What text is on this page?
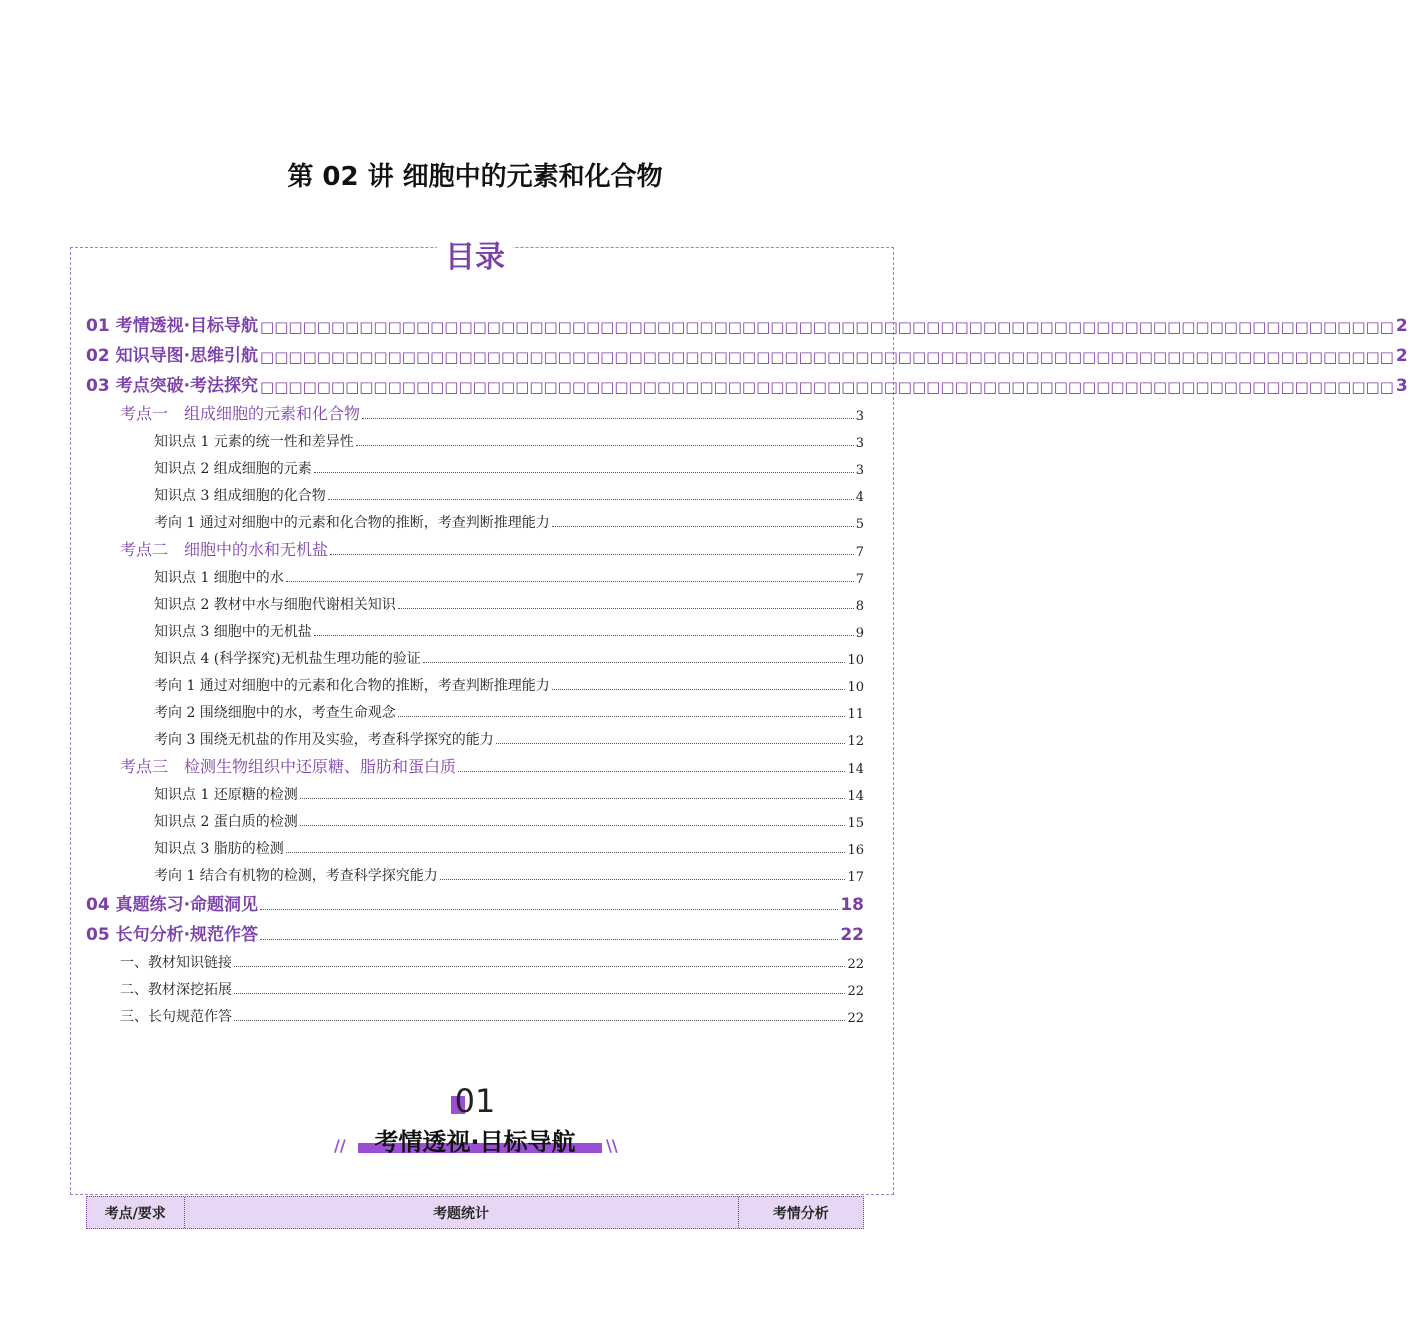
第 02 讲 细胞中的元素和化合物
目录
01 考情透视·目标导航 □□□□□□□□□□□□□□□□□□□□□□□□□□□□□□□□□□□□□□□□□□□□□□□□□□□□□□□□□□□□□□□□□□□□□□□□□□□□□□□□ 2
02 知识导图·思维引航 □□□□□□□□□□□□□□□□□□□□□□□□□□□□□□□□□□□□□□□□□□□□□□□□□□□□□□□□□□□□□□□□□□□□□□□□□□□□□□□□ 2
03 考点突破·考法探究 □□□□□□□□□□□□□□□□□□□□□□□□□□□□□□□□□□□□□□□□□□□□□□□□□□□□□□□□□□□□□□□□□□□□□□□□□□□□□□□□ 3
考点一　组成细胞的元素和化合物	3
知识点 1 元素的统一性和差异性	3
知识点 2 组成细胞的元素	3
知识点 3 组成细胞的化合物	4
考向 1 通过对细胞中的元素和化合物的推断，考查判断推理能力	5
考点二　细胞中的水和无机盐	7
知识点 1 细胞中的水	7
知识点 2 教材中水与细胞代谢相关知识	8
知识点 3 细胞中的无机盐	9
知识点 4 (科学探究)无机盐生理功能的验证	10
考向 1 通过对细胞中的元素和化合物的推断，考查判断推理能力	10
考向 2 围绕细胞中的水，考查生命观念	11
考向 3 围绕无机盐的作用及实验，考查科学探究的能力	12
考点三　检测生物组织中还原糖、脂肪和蛋白质	14
知识点 1 还原糖的检测	14
知识点 2 蛋白质的检测	15
知识点 3 脂肪的检测	16
考向 1 结合有机物的检测，考查科学探究能力	17
04 真题练习·命题洞见	18
05 长句分析·规范作答	22
一、教材知识链接	22
二、教材深挖拓展	22
三、长句规范作答	22
01
//	\\
考情透视·目标导航
考点/要求	考题统计	考情分析
